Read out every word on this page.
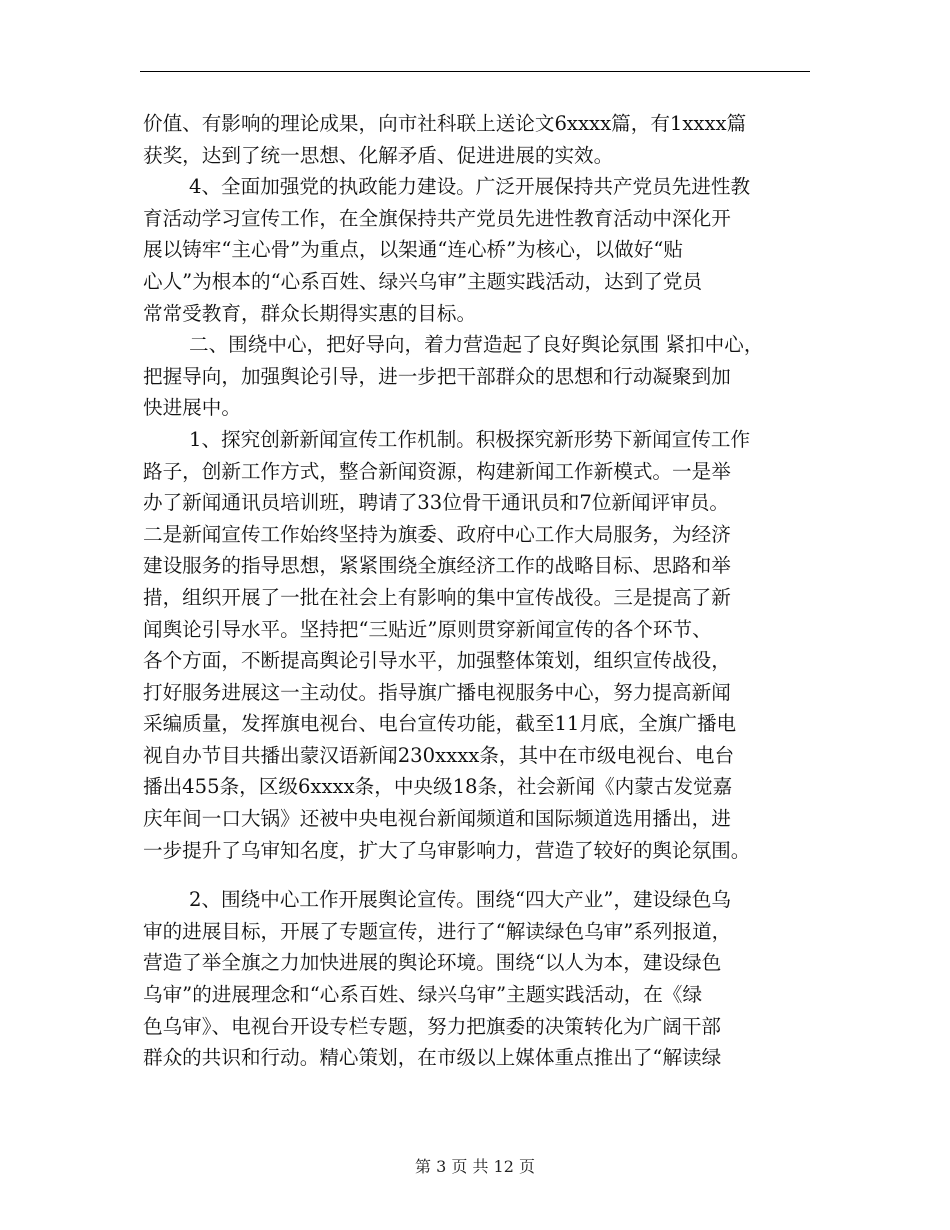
价值、有影响的理论成果，向市社科联上送论文6xxxx篇，有1xxxx篇
获奖，达到了统一思想、化解矛盾、促进进展的实效。
4、全面加强党的执政能力建设。广泛开展保持共产党员先进性教
育活动学习宣传工作，在全旗保持共产党员先进性教育活动中深化开
展以铸牢“主心骨”为重点，以架通“连心桥”为核心，以做好“贴
心人”为根本的“心系百姓、绿兴乌审”主题实践活动，达到了党员
常常受教育，群众长期得实惠的目标。
二、围绕中心，把好导向，着力营造起了良好舆论氛围 紧扣中心，
把握导向，加强舆论引导，进一步把干部群众的思想和行动凝聚到加
快进展中。
1、探究创新新闻宣传工作机制。积极探究新形势下新闻宣传工作
路子，创新工作方式，整合新闻资源，构建新闻工作新模式。一是举
办了新闻通讯员培训班，聘请了33位骨干通讯员和7位新闻评审员。
二是新闻宣传工作始终坚持为旗委、政府中心工作大局服务，为经济
建设服务的指导思想，紧紧围绕全旗经济工作的战略目标、思路和举
措，组织开展了一批在社会上有影响的集中宣传战役。三是提高了新
闻舆论引导水平。坚持把“三贴近”原则贯穿新闻宣传的各个环节、
各个方面，不断提高舆论引导水平，加强整体策划，组织宣传战役，
打好服务进展这一主动仗。指导旗广播电视服务中心，努力提高新闻
采编质量，发挥旗电视台、电台宣传功能，截至11月底，全旗广播电
视自办节目共播出蒙汉语新闻230xxxx条，其中在市级电视台、电台
播出455条，区级6xxxx条，中央级18条，社会新闻《内蒙古发觉嘉
庆年间一口大锅》还被中央电视台新闻频道和国际频道选用播出，进
一步提升了乌审知名度，扩大了乌审影响力，营造了较好的舆论氛围。
2、围绕中心工作开展舆论宣传。围绕“四大产业”，建设绿色乌
审的进展目标，开展了专题宣传，进行了“解读绿色乌审”系列报道，
营造了举全旗之力加快进展的舆论环境。围绕“以人为本，建设绿色
乌审”的进展理念和“心系百姓、绿兴乌审”主题实践活动，在《绿
色乌审》、电视台开设专栏专题，努力把旗委的决策转化为广阔干部
群众的共识和行动。精心策划，在市级以上媒体重点推出了“解读绿
第 3 页 共 12 页
